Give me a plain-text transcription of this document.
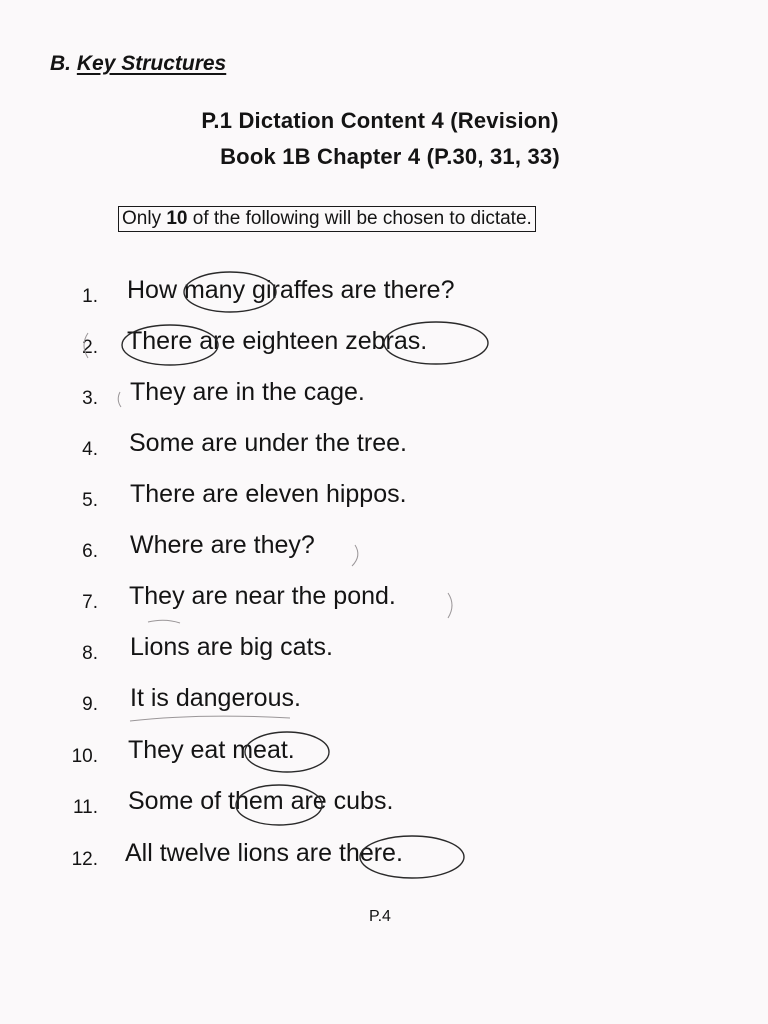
B. Key Structures
P.1 Dictation Content 4 (Revision)
Book 1B Chapter 4 (P.30, 31, 33)
Only 10 of the following will be chosen to dictate.
1. How many giraffes are there?
2. There are eighteen zebras.
3. They are in the cage.
4. Some are under the tree.
5. There are eleven hippos.
6. Where are they?
7. They are near the pond.
8. Lions are big cats.
9. It is dangerous.
10. They eat meat.
11. Some of them are cubs.
12. All twelve lions are there.
P.4
